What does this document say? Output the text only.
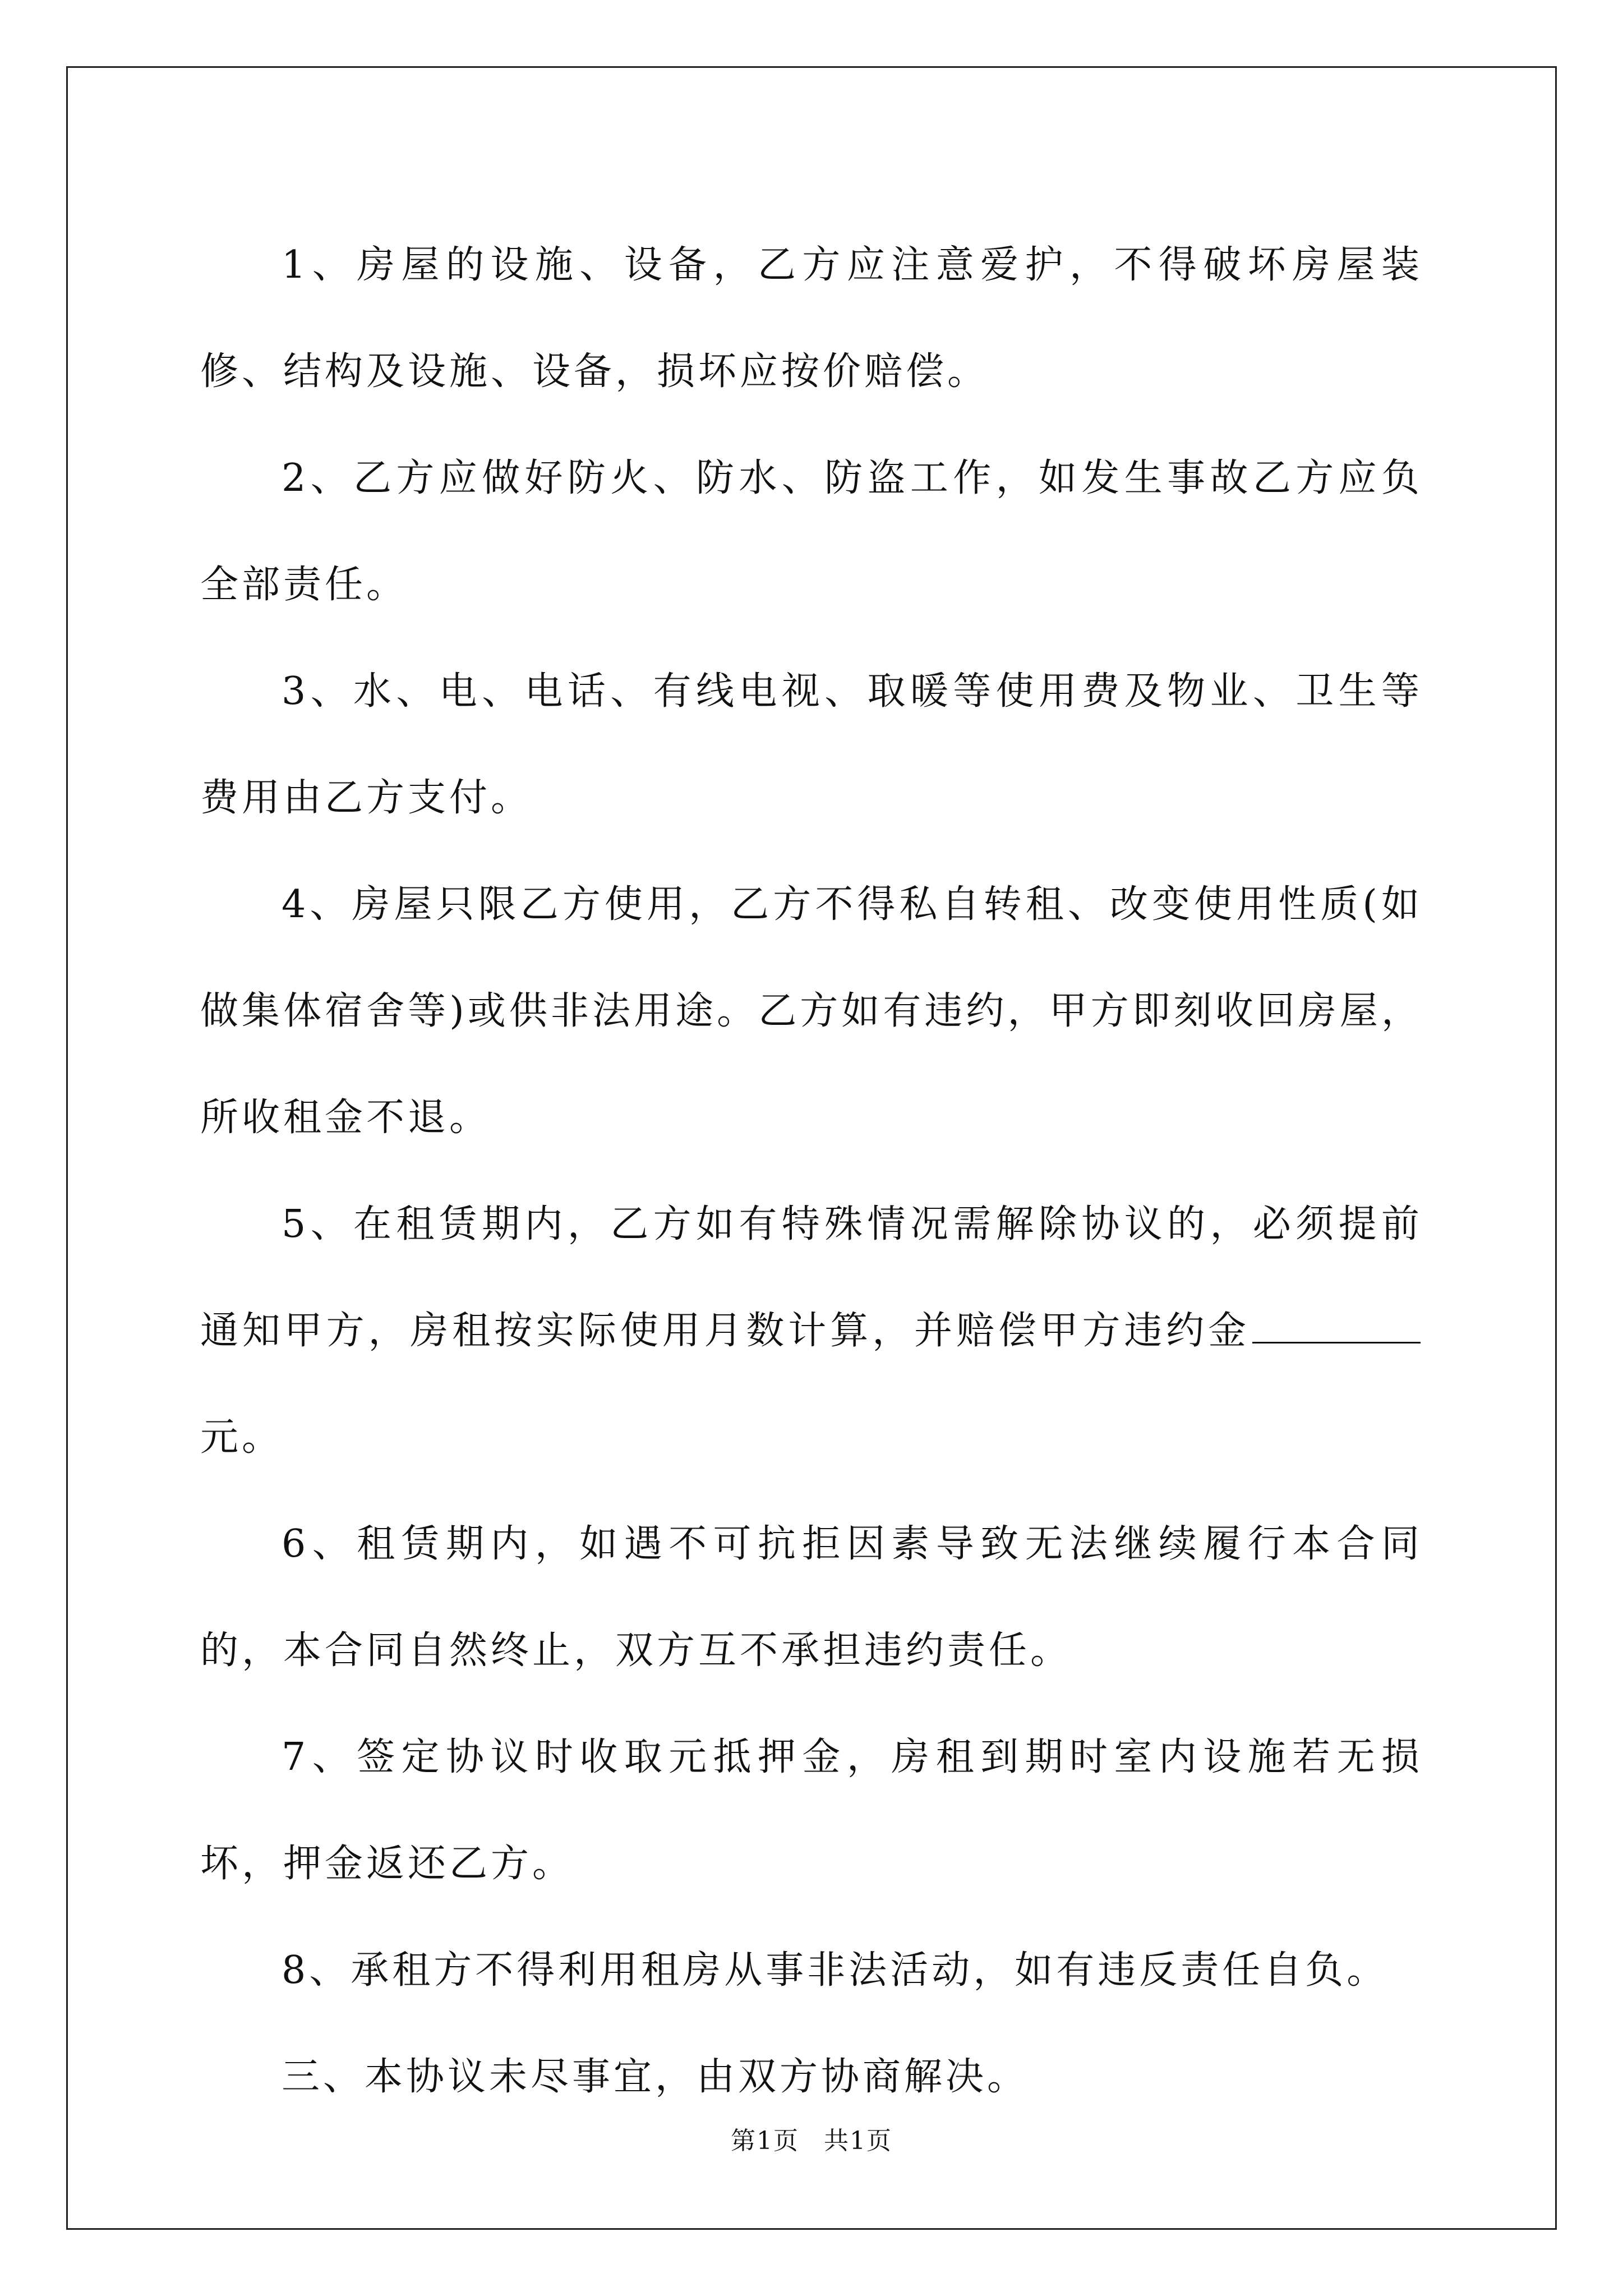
1、房屋的设施、设备，乙方应注意爱护，不得破坏房屋装修、结构及设施、设备，损坏应按价赔偿。

2、乙方应做好防火、防水、防盗工作，如发生事故乙方应负全部责任。

3、水、电、电话、有线电视、取暖等使用费及物业、卫生等费用由乙方支付。

4、房屋只限乙方使用，乙方不得私自转租、改变使用性质(如做集体宿舍等)或供非法用途。乙方如有违约，甲方即刻收回房屋，所收租金不退。

5、在租赁期内，乙方如有特殊情况需解除协议的，必须提前通知甲方，房租按实际使用月数计算，并赔偿甲方违约金元。

6、租赁期内，如遇不可抗拒因素导致无法继续履行本合同的，本合同自然终止，双方互不承担违约责任。

7、签定协议时收取元抵押金，房租到期时室内设施若无损坏，押金返还乙方。

8、承租方不得利用租房从事非法活动，如有违反责任自负。

三、本协议未尽事宜，由双方协商解决。

第1页 共1页
